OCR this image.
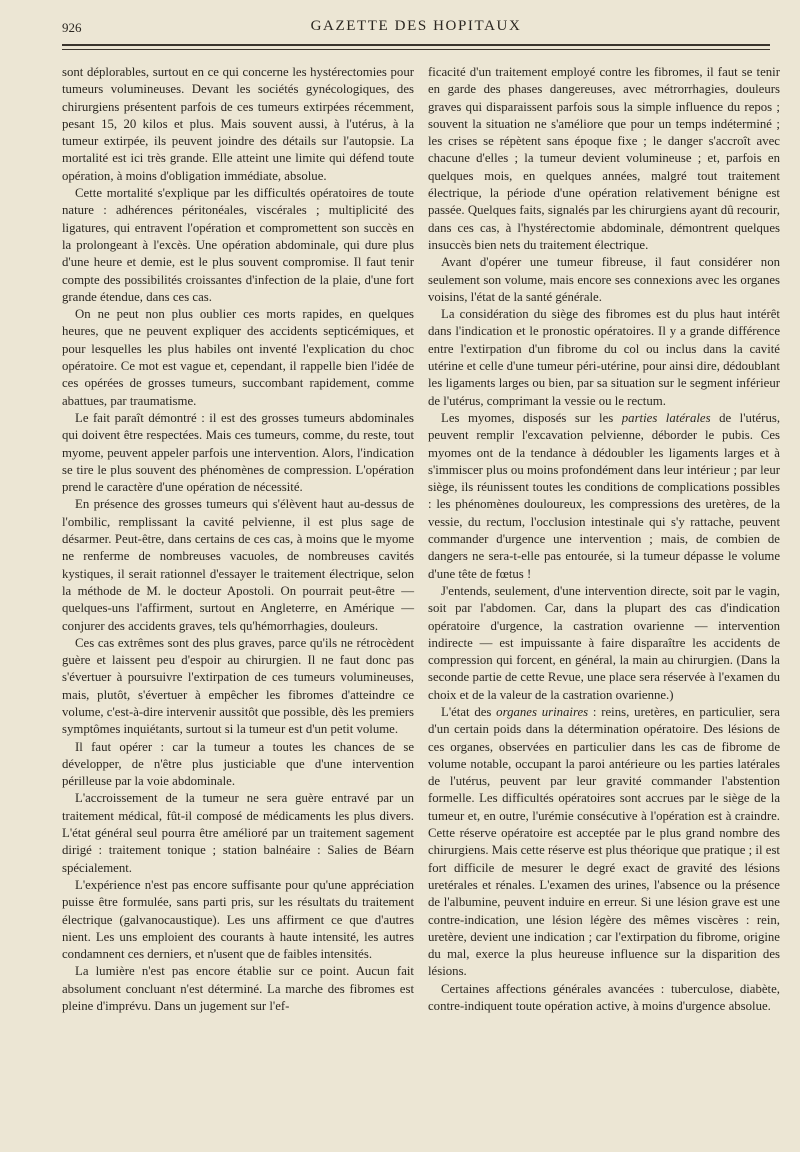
926	GAZETTE DES HOPITAUX

sont déplorables, surtout en ce qui concerne les hystérectomies pour tumeurs volumineuses. Devant les sociétés gynécologiques, des chirurgiens présentent parfois de ces tumeurs extirpées récemment, pesant 15, 20 kilos et plus. Mais souvent aussi, à l'utérus, à la tumeur extirpée, ils peuvent joindre des détails sur l'autopsie. La mortalité est ici très grande. Elle atteint une limite qui défend toute opération, à moins d'obligation immédiate, absolue.

Cette mortalité s'explique par les difficultés opératoires de toute nature : adhérences péritonéales, viscérales ; multiplicité des ligatures, qui entravent l'opération et compromettent son succès en la prolongeant à l'excès. Une opération abdominale, qui dure plus d'une heure et demie, est le plus souvent compromise. Il faut tenir compte des possibilités croissantes d'infection de la plaie, d'une fort grande étendue, dans ces cas.

On ne peut non plus oublier ces morts rapides, en quelques heures, que ne peuvent expliquer des accidents septicémiques, et pour lesquelles les plus habiles ont inventé l'explication du choc opératoire. Ce mot est vague et, cependant, il rappelle bien l'idée de ces opérées de grosses tumeurs, succombant rapidement, comme abattues, par traumatisme.

Le fait paraît démontré : il est des grosses tumeurs abdominales qui doivent être respectées. Mais ces tumeurs, comme, du reste, tout myome, peuvent appeler parfois une intervention. Alors, l'indication se tire le plus souvent des phénomènes de compression. L'opération prend le caractère d'une opération de nécessité.

En présence des grosses tumeurs qui s'élèvent haut au-dessus de l'ombilic, remplissant la cavité pelvienne, il est plus sage de désarmer. Peut-être, dans certains de ces cas, à moins que le myome ne renferme de nombreuses vacuoles, de nombreuses cavités kystiques, il serait rationnel d'essayer le traitement électrique, selon la méthode de M. le docteur Apostoli. On pourrait peut-être — quelques-uns l'affirment, surtout en Angleterre, en Amérique — conjurer des accidents graves, tels qu'hémorrhagies, douleurs.

Ces cas extrêmes sont des plus graves, parce qu'ils ne rétrocèdent guère et laissent peu d'espoir au chirurgien. Il ne faut donc pas s'évertuer à poursuivre l'extirpation de ces tumeurs volumineuses, mais, plutôt, s'évertuer à empêcher les fibromes d'atteindre ce volume, c'est-à-dire intervenir aussitôt que possible, dès les premiers symptômes inquiétants, surtout si la tumeur est d'un petit volume.

Il faut opérer : car la tumeur a toutes les chances de se développer, de n'être plus justiciable que d'une intervention périlleuse par la voie abdominale.

L'accroissement de la tumeur ne sera guère entravé par un traitement médical, fût-il composé de médicaments les plus divers. L'état général seul pourra être amélioré par un traitement sagement dirigé : traitement tonique ; station balnéaire : Salies de Béarn spécialement.

L'expérience n'est pas encore suffisante pour qu'une appréciation puisse être formulée, sans parti pris, sur les résultats du traitement électrique (galvanocaustique). Les uns affirment ce que d'autres nient. Les uns emploient des courants à haute intensité, les autres condamnent ces derniers, et n'usent que de faibles intensités.

La lumière n'est pas encore établie sur ce point. Aucun fait absolument concluant n'est déterminé. La marche des fibromes est pleine d'imprévu. Dans un jugement sur l'ef-

ficacité d'un traitement employé contre les fibromes, il faut se tenir en garde des phases dangereuses, avec métrorrhagies, douleurs graves qui disparaissent parfois sous la simple influence du repos ; souvent la situation ne s'améliore que pour un temps indéterminé ; les crises se répètent sans époque fixe ; le danger s'accroît avec chacune d'elles ; la tumeur devient volumineuse ; et, parfois en quelques mois, en quelques années, malgré tout traitement électrique, la période d'une opération relativement bénigne est passée. Quelques faits, signalés par les chirurgiens ayant dû recourir, dans ces cas, à l'hystérectomie abdominale, démontrent quelques insuccès bien nets du traitement électrique.

Avant d'opérer une tumeur fibreuse, il faut considérer non seulement son volume, mais encore ses connexions avec les organes voisins, l'état de la santé générale.

La considération du siège des fibromes est du plus haut intérêt dans l'indication et le pronostic opératoires. Il y a grande différence entre l'extirpation d'un fibrome du col ou inclus dans la cavité utérine et celle d'une tumeur péri-utérine, pour ainsi dire, dédoublant les ligaments larges ou bien, par sa situation sur le segment inférieur de l'utérus, comprimant la vessie ou le rectum.

Les myomes, disposés sur les parties latérales de l'utérus, peuvent remplir l'excavation pelvienne, déborder le pubis. Ces myomes ont de la tendance à dédoubler les ligaments larges et à s'immiscer plus ou moins profondément dans leur intérieur ; par leur siège, ils réunissent toutes les conditions de complications possibles : les phénomènes douloureux, les compressions des uretères, de la vessie, du rectum, l'occlusion intestinale qui s'y rattache, peuvent commander d'urgence une intervention ; mais, de combien de dangers ne sera-t-elle pas entourée, si la tumeur dépasse le volume d'une tête de fœtus !

J'entends, seulement, d'une intervention directe, soit par le vagin, soit par l'abdomen. Car, dans la plupart des cas d'indication opératoire d'urgence, la castration ovarienne — intervention indirecte — est impuissante à faire disparaître les accidents de compression qui forcent, en général, la main au chirurgien. (Dans la seconde partie de cette Revue, une place sera réservée à l'examen du choix et de la valeur de la castration ovarienne.)

L'état des organes urinaires : reins, uretères, en particulier, sera d'un certain poids dans la détermination opératoire. Des lésions de ces organes, observées en particulier dans les cas de fibrome de volume notable, occupant la paroi antérieure ou les parties latérales de l'utérus, peuvent par leur gravité commander l'abstention formelle. Les difficultés opératoires sont accrues par le siège de la tumeur et, en outre, l'urémie consécutive à l'opération est à craindre. Cette réserve opératoire est acceptée par le plus grand nombre des chirurgiens. Mais cette réserve est plus théorique que pratique ; il est fort difficile de mesurer le degré exact de gravité des lésions uretérales et rénales. L'examen des urines, l'absence ou la présence de l'albumine, peuvent induire en erreur. Si une lésion grave est une contre-indication, une lésion légère des mêmes viscères : rein, uretère, devient une indication ; car l'extirpation du fibrome, origine du mal, exerce la plus heureuse influence sur la disparition des lésions.

Certaines affections générales avancées : tuberculose, diabète, contre-indiquent toute opération active, à moins d'urgence absolue.
